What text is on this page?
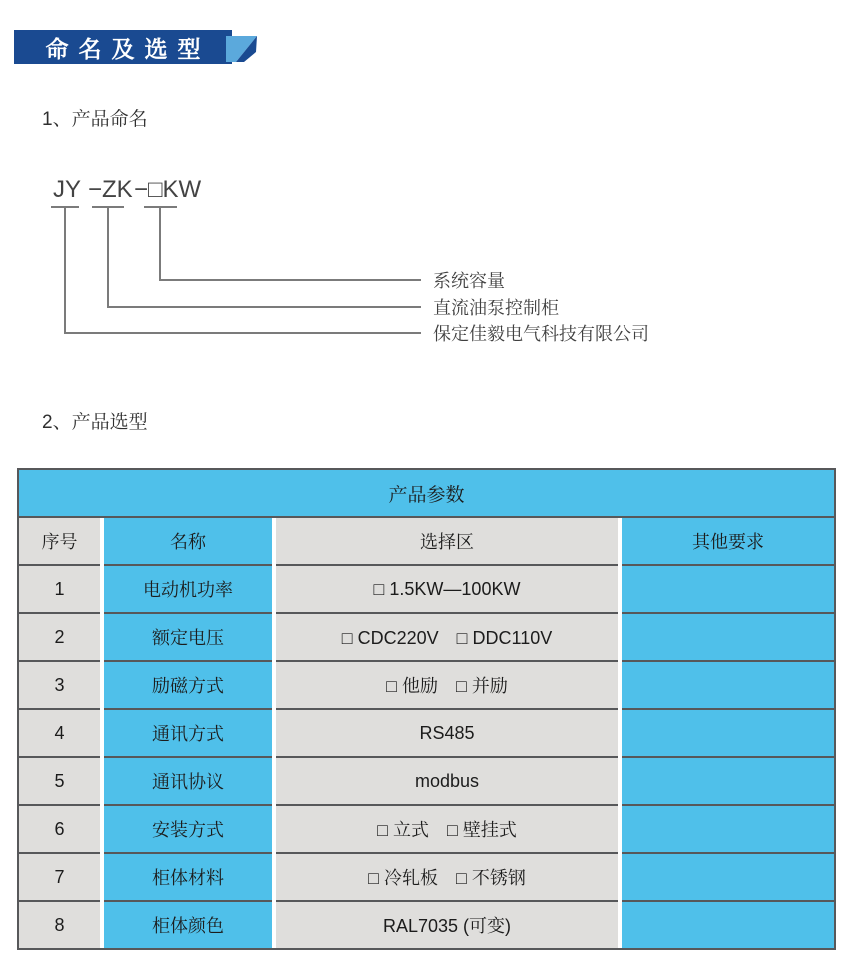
命名及选型
1、产品命名
JY −ZK −□KW
系统容量
直流油泵控制柜
保定佳毅电气科技有限公司
2、产品选型
产品参数
序号	名称	选择区	其他要求
1	电动机功率	□ 1.5KW—100KW
2	额定电压	□ CDC220V　□ DDC110V
3	励磁方式	□ 他励　□ 并励
4	通讯方式	RS485
5	通讯协议	modbus
6	安装方式	□ 立式　□ 壁挂式
7	柜体材料	□ 冷轧板　□ 不锈钢
8	柜体颜色	RAL7035 (可变)
